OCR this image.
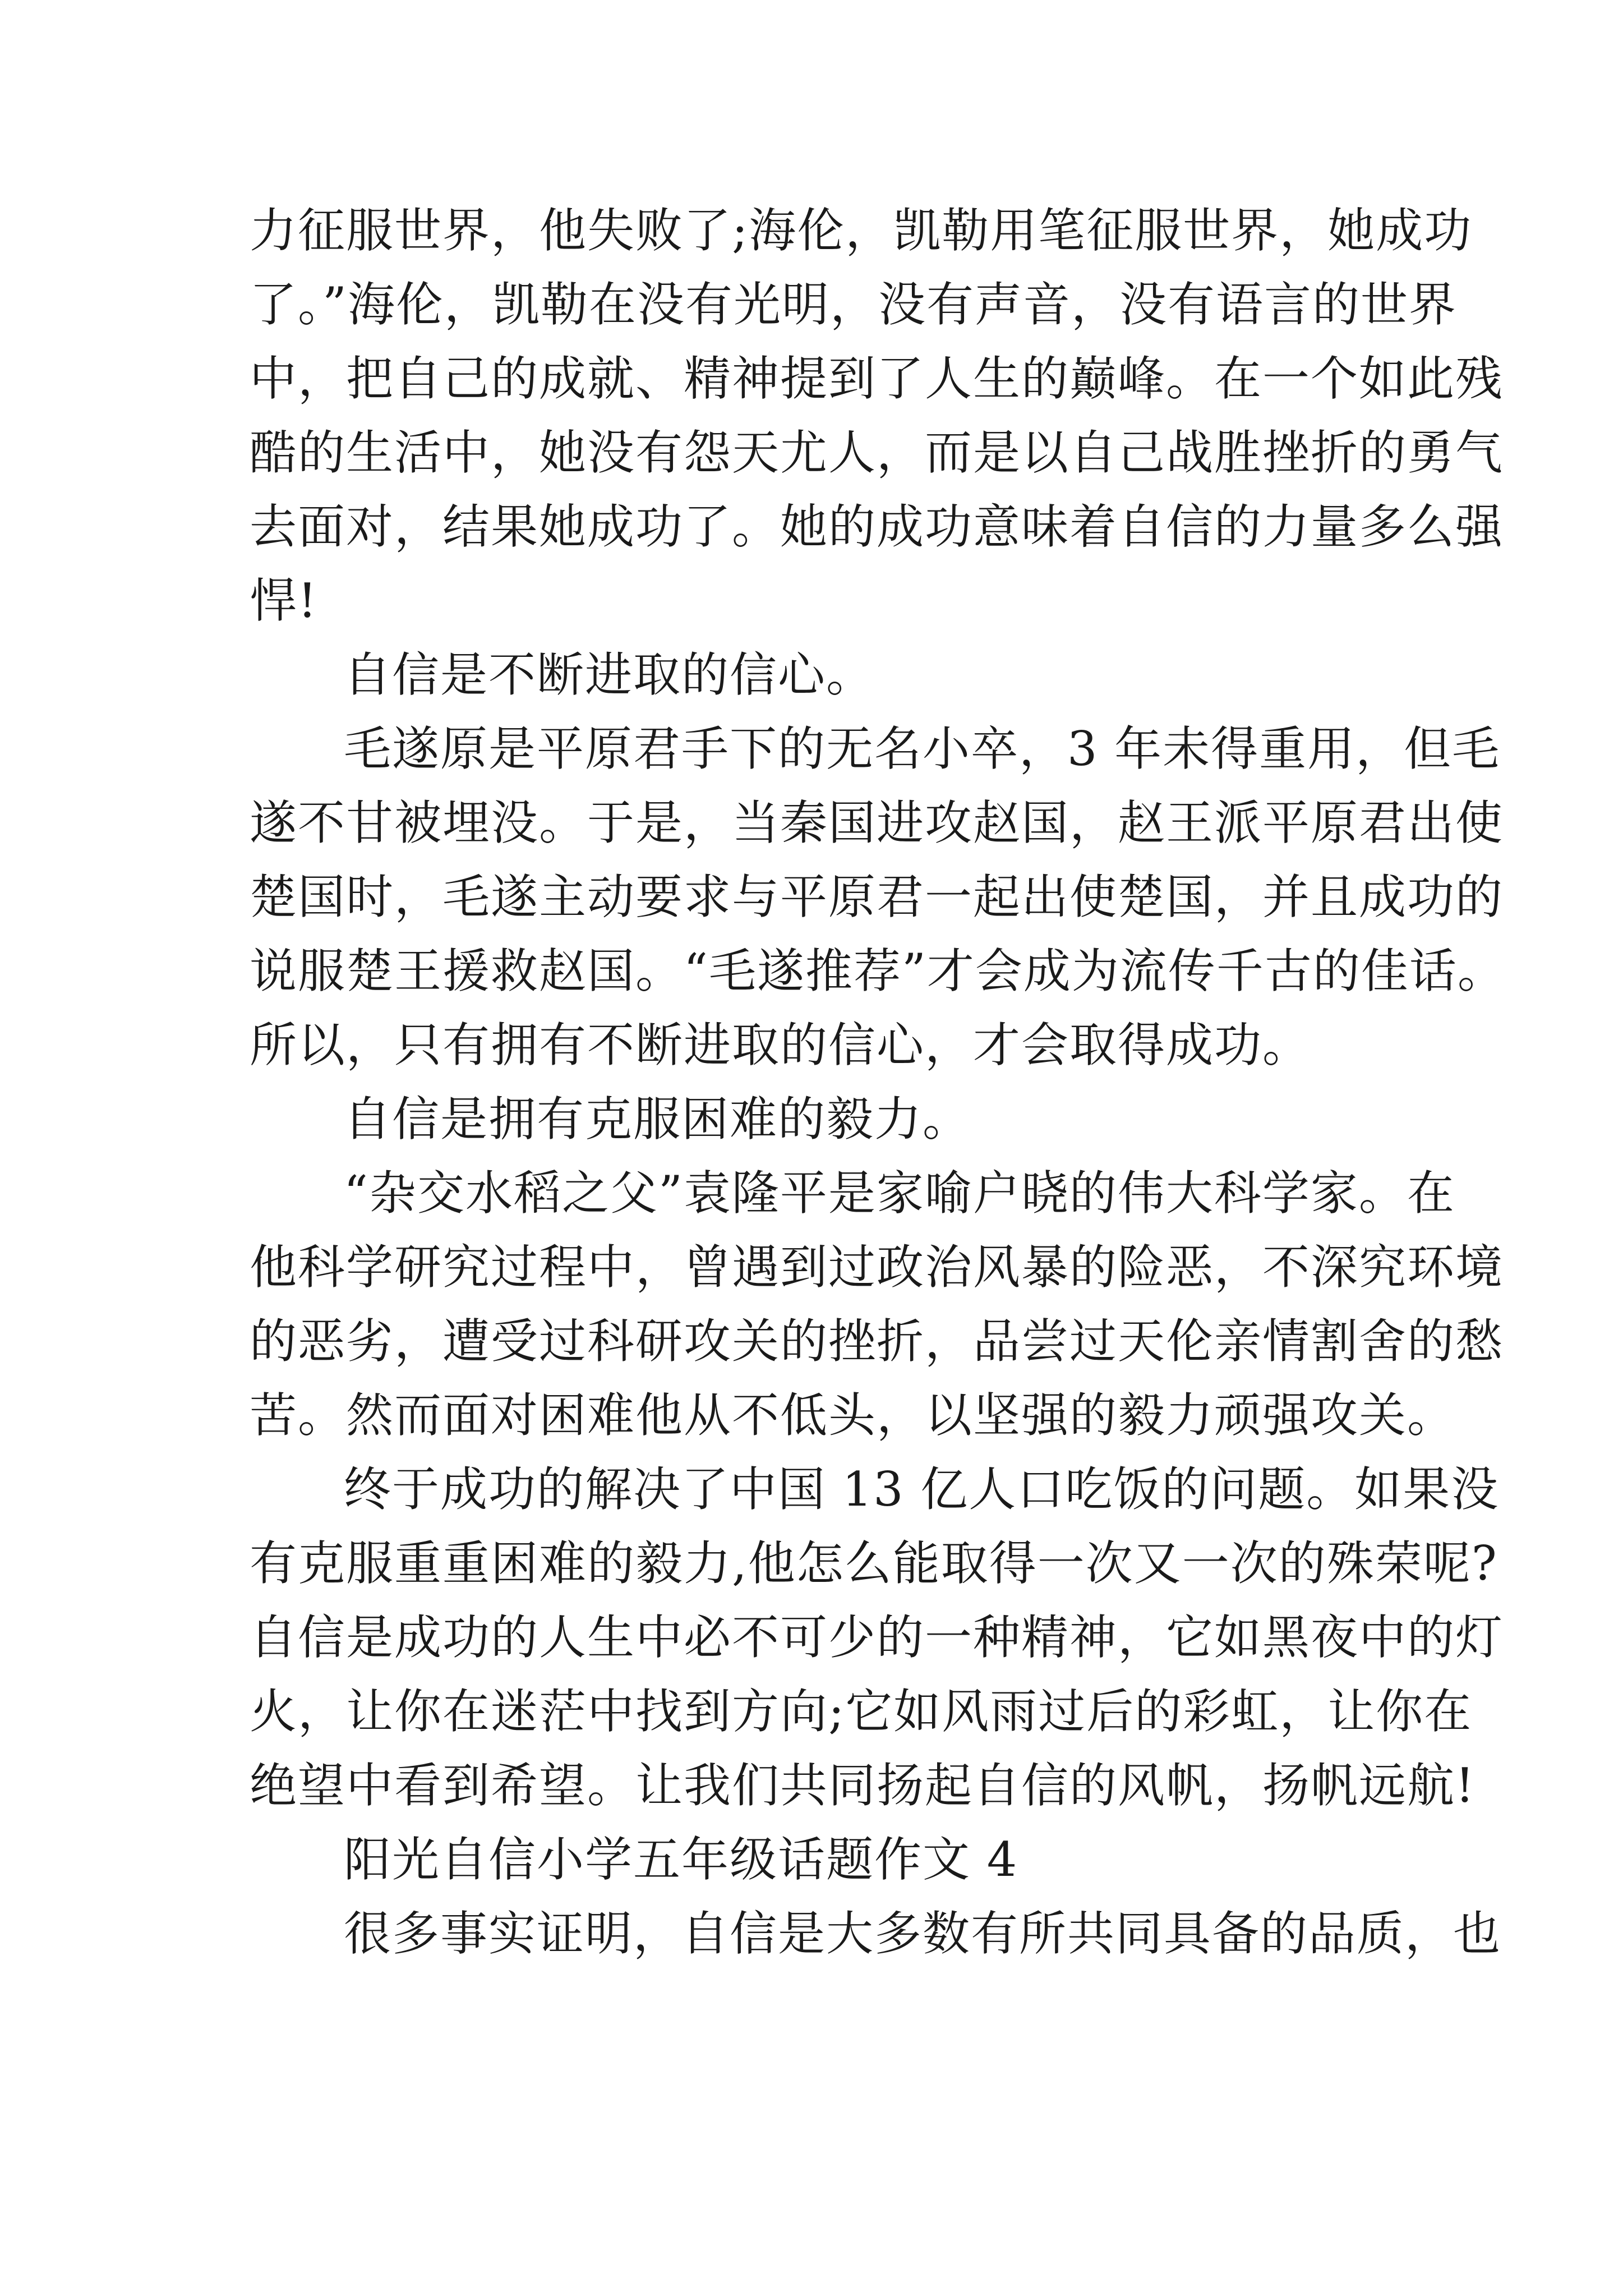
力征服世界，他失败了;海伦，凯勒用笔征服世界，她成功
了。”海伦，凯勒在没有光明，没有声音，没有语言的世界
中，把自己的成就、精神提到了人生的巅峰。在一个如此残
酷的生活中，她没有怨天尤人，而是以自己战胜挫折的勇气
去面对，结果她成功了。她的成功意味着自信的力量多么强
悍!
自信是不断进取的信心。
毛遂原是平原君手下的无名小卒，3 年未得重用，但毛
遂不甘被埋没。于是，当秦国进攻赵国，赵王派平原君出使
楚国时，毛遂主动要求与平原君一起出使楚国，并且成功的
说服楚王援救赵国。“毛遂推荐”才会成为流传千古的佳话。
所以，只有拥有不断进取的信心，才会取得成功。
自信是拥有克服困难的毅力。
“杂交水稻之父”袁隆平是家喻户晓的伟大科学家。在
他科学研究过程中，曾遇到过政治风暴的险恶，不深究环境
的恶劣，遭受过科研攻关的挫折，品尝过天伦亲情割舍的愁
苦。然而面对困难他从不低头，以坚强的毅力顽强攻关。
终于成功的解决了中国 13 亿人口吃饭的问题。如果没
有克服重重困难的毅力,他怎么能取得一次又一次的殊荣呢?
自信是成功的人生中必不可少的一种精神，它如黑夜中的灯
火，让你在迷茫中找到方向;它如风雨过后的彩虹，让你在
绝望中看到希望。让我们共同扬起自信的风帆，扬帆远航!
阳光自信小学五年级话题作文 4
很多事实证明，自信是大多数有所共同具备的品质，也
